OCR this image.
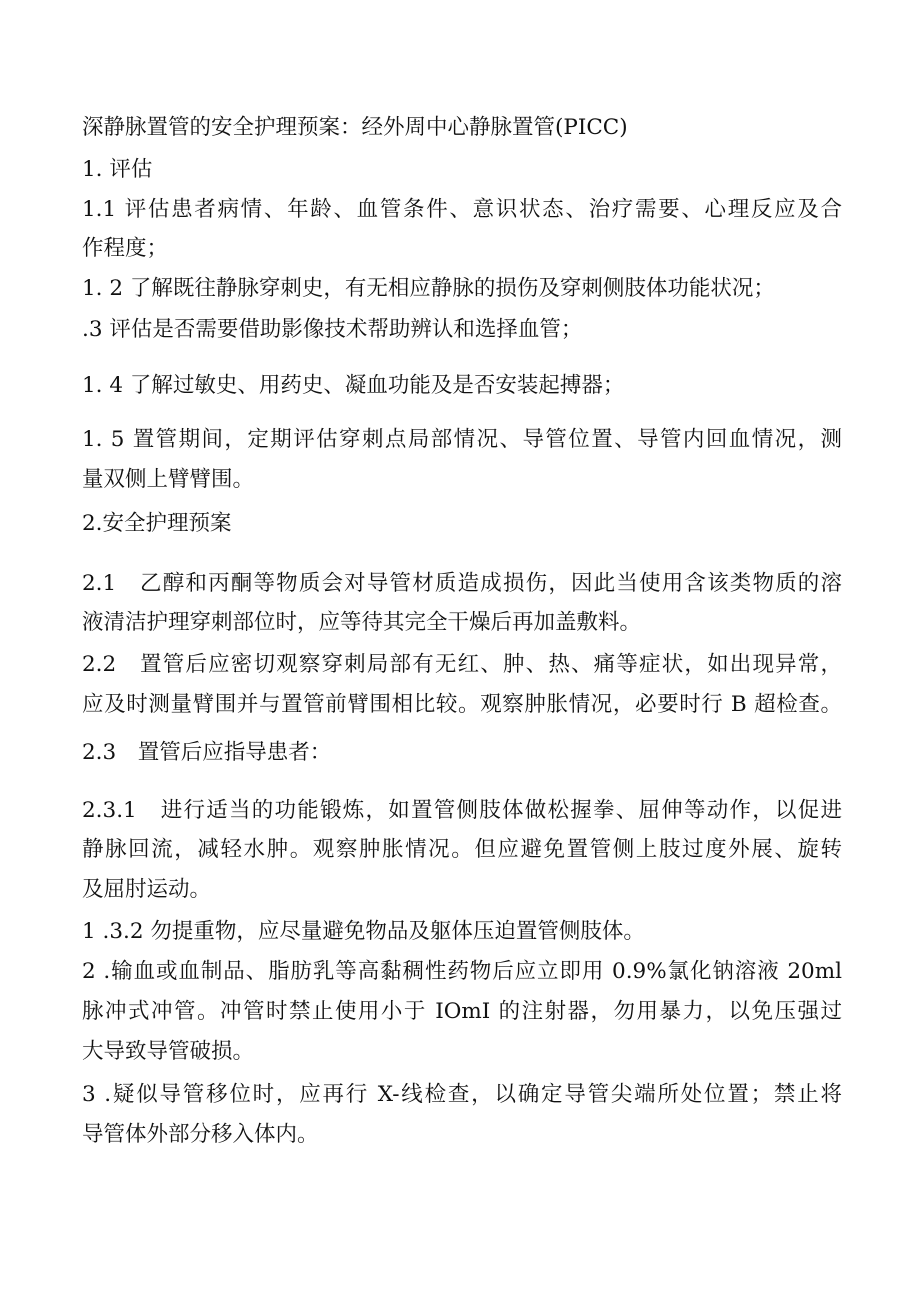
深静脉置管的安全护理预案：经外周中心静脉置管(PICC)
1. 评估
1.1 评估患者病情、年龄、血管条件、意识状态、治疗需要、心理反应及合
作程度；
1. 2 了解既往静脉穿刺史，有无相应静脉的损伤及穿刺侧肢体功能状况；
.3 评估是否需要借助影像技术帮助辨认和选择血管；
1. 4 了解过敏史、用药史、凝血功能及是否安装起搏器；
1. 5 置管期间，定期评估穿刺点局部情况、导管位置、导管内回血情况，测
量双侧上臂臂围。
2.安全护理预案
2.1　乙醇和丙酮等物质会对导管材质造成损伤，因此当使用含该类物质的溶
液清洁护理穿刺部位时，应等待其完全干燥后再加盖敷料。
2.2　置管后应密切观察穿刺局部有无红、肿、热、痛等症状，如出现异常，
应及时测量臂围并与置管前臂围相比较。观察肿胀情况，必要时行 B 超检查。
2.3　置管后应指导患者：
2.3.1　进行适当的功能锻炼，如置管侧肢体做松握拳、屈伸等动作，以促进
静脉回流，减轻水肿。观察肿胀情况。但应避免置管侧上肢过度外展、旋转
及屈肘运动。
1 .3.2 勿提重物，应尽量避免物品及躯体压迫置管侧肢体。
2 .输血或血制品、脂肪乳等高黏稠性药物后应立即用 0.9%氯化钠溶液 20ml
脉冲式冲管。冲管时禁止使用小于 IOmI 的注射器，勿用暴力，以免压强过
大导致导管破损。
3 .疑似导管移位时，应再行 X-线检查，以确定导管尖端所处位置；禁止将
导管体外部分移入体内。
